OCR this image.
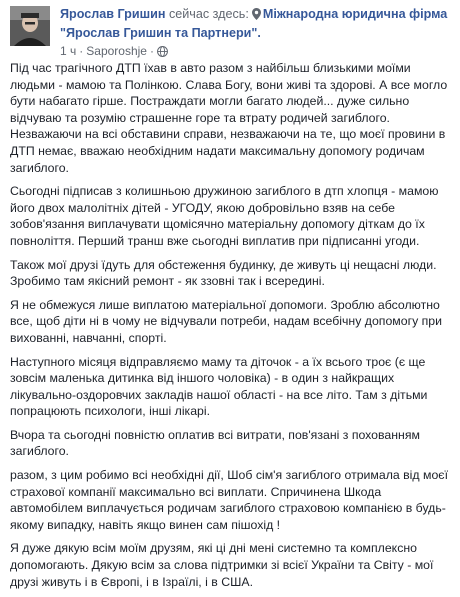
Ярослав Гришин сейчас здесь: Міжнародна юридична фірма
"Ярослав Гришин та Партнери".
1 ч · Saporoshje ·

Під час трагічного ДТП їхав в авто разом з найбільш близькими моїми людьми - мамою та Полінкою. Слава Богу, вони живі та здорові. А все могло бути набагато гірше. Постраждати могли багато людей... дуже сильно відчуваю та розумію страшенне горе та втрату родичей загиблого. Незважаючи на всі обставини справи, незважаючи на те, що моєї провини в ДТП немає, вважаю необхідним надати максимальну допомогу родичам загиблого.

Сьогодні підписав з колишньою дружиною загиблого в дтп хлопця - мамою його двох малолітніх дітей - УГОДУ, якою добровільно взяв на себе зобов'язання виплачувати щомісячно матеріальну допомогу діткам до їх повноліття. Перший транш вже сьогодні виплатив при підписанні угоди.

Також мої друзі їдуть для обстеження будинку, де живуть ці нещасні люди. Зробимо там якісний ремонт - як ззовні так і всередині.

Я не обмежуся лише виплатою матеріальної допомоги. Зроблю абсолютно все, щоб діти ні в чому не відчували потреби, надам всебічну допомогу при вихованні, навчанні, спорті.

Наступного місяця відправляємо маму та діточок - а їх всього троє (є ще зовсім маленька дитинка від іншого чоловіка) - в один з найкращих лікувально-оздоровчих закладів нашої області - на все літо. Там з дітьми попрацюють психологи, інші лікарі.

Вчора та сьогодні повністю оплатив всі витрати, пов'язані з похованням загиблого.

разом, з цим робимо всі необхідні дії, Шоб сім'я загиблого отримала від моєї страхової компанії максимально всі виплати. Спричинена Шкода автомобілем виплачується родичам загиблого страховою компанією в будь-якому випадку, навіть якщо винен сам пішохід !

Я дуже дякую всім моїм друзям, які ці дні мені системно та комплексно допомогають. Дякую всім за слова підтримки зі всієї України та Світу - мої друзі живуть і в Європі, і в Ізраїлі, і в США.
